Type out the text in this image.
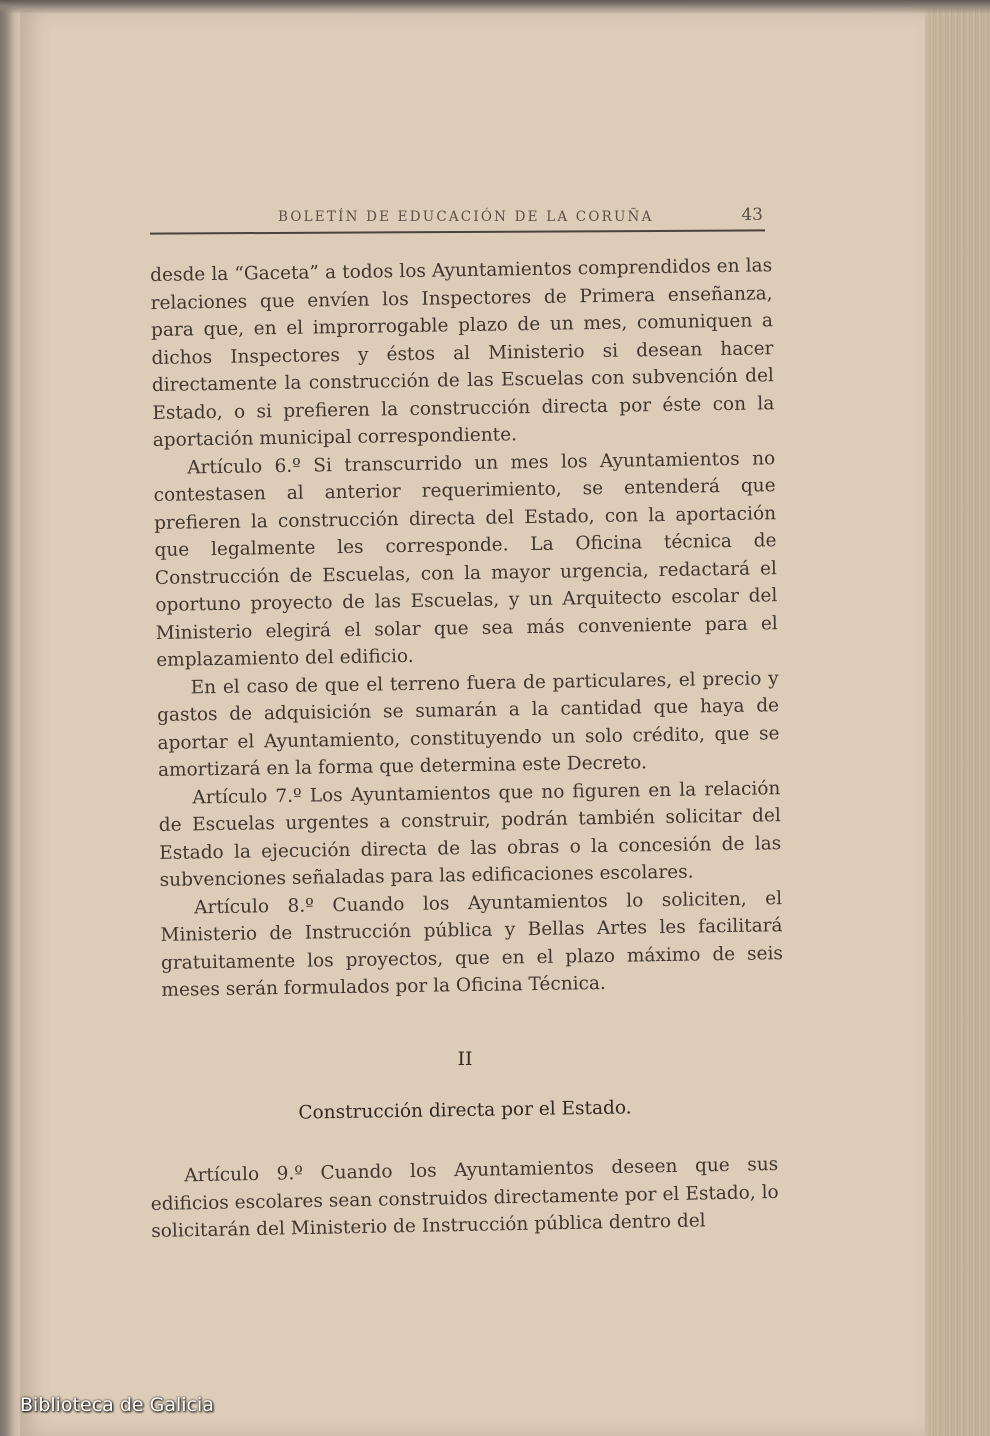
BOLETÍN DE EDUCACIÓN DE LA CORUÑA	43

desde la “Gaceta” a todos los Ayuntamientos comprendidos en las relaciones que envíen los Inspectores de Primera enseñanza, para que, en el improrrogable plazo de un mes, comuniquen a dichos Inspectores y éstos al Ministerio si desean hacer directamente la construcción de las Escuelas con subvención del Estado, o si prefieren la construcción directa por éste con la aportación municipal correspondiente.

Artículo 6.º Si transcurrido un mes los Ayuntamientos no contestasen al anterior requerimiento, se entenderá que prefieren la construcción directa del Estado, con la aportación que legalmente les corresponde. La Oficina técnica de Construcción de Escuelas, con la mayor urgencia, redactará el oportuno proyecto de las Escuelas, y un Arquitecto escolar del Ministerio elegirá el solar que sea más conveniente para el emplazamiento del edificio.

En el caso de que el terreno fuera de particulares, el precio y gastos de adquisición se sumarán a la cantidad que haya de aportar el Ayuntamiento, constituyendo un solo crédito, que se amortizará en la forma que determina este Decreto.

Artículo 7.º Los Ayuntamientos que no figuren en la relación de Escuelas urgentes a construir, podrán también solicitar del Estado la ejecución directa de las obras o la concesión de las subvenciones señaladas para las edificaciones escolares.

Artículo 8.º Cuando los Ayuntamientos lo soliciten, el Ministerio de Instrucción pública y Bellas Artes les facilitará gratuitamente los proyectos, que en el plazo máximo de seis meses serán formulados por la Oficina Técnica.

II
Construcción directa por el Estado.

Artículo 9.º Cuando los Ayuntamientos deseen que sus edificios escolares sean construidos directamente por el Estado, lo solicitarán del Ministerio de Instrucción pública dentro del

Biblioteca de Galicia
